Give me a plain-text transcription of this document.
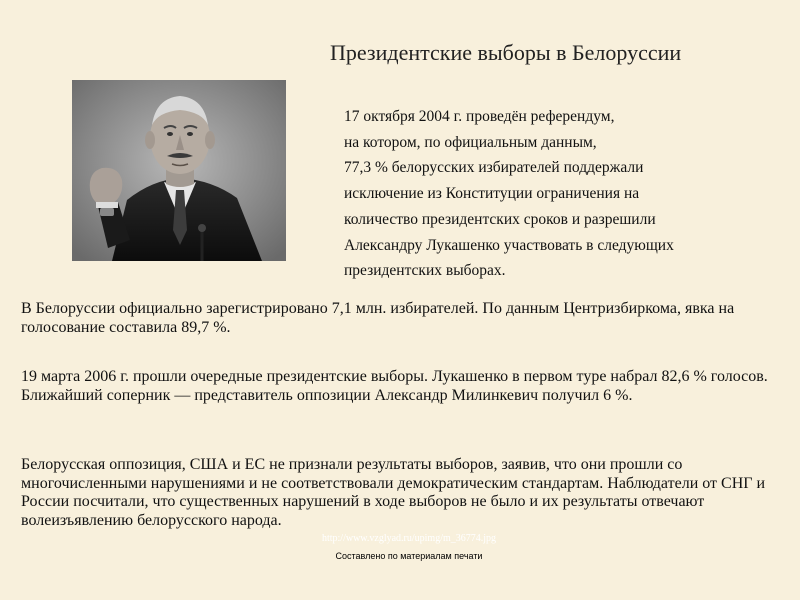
Президентские выборы в Белоруссии
17 октября 2004 г. проведён референдум,
на котором, по официальным данным,
77,3 % белорусских избирателей поддержали
исключение из Конституции ограничения на
количество президентских сроков и разрешили
Александру Лукашенко участвовать в следующих
президентских выборах.
В Белоруссии официально зарегистрировано 7,1 млн. избирателей. По данным Центризбиркома, явка на голосование составила 89,7 %.
19 марта 2006 г. прошли очередные президентские выборы. Лукашенко в первом туре набрал 82,6 % голосов. Ближайший соперник — представитель оппозиции Александр Милинкевич получил 6 %.
Белорусская оппозиция, США и ЕС не признали результаты выборов, заявив, что они прошли со многочисленными нарушениями и не соответствовали демократическим стандартам. Наблюдатели от СНГ и России посчитали, что существенных нарушений в ходе выборов не было и их результаты отвечают волеизъявлению белорусского народа.
http://www.vzglyad.ru/upimg/m_36774.jpg
Составлено по материалам печати
